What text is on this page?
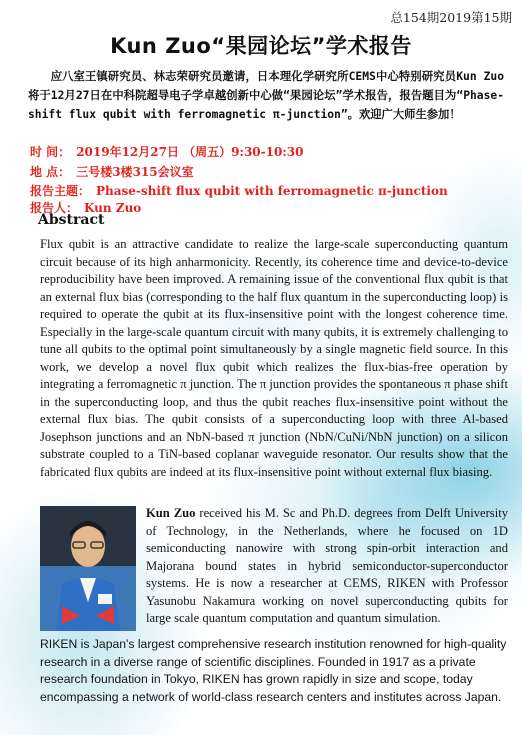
总154期2019第15期
Kun Zuo“果园论坛”学术报告
应八室王镇研究员、林志荣研究员邀请，日本理化学研究所CEMS中心特别研究员Kun Zuo将于12月27日在中科院超导电子学卓越创新中心做“果园论坛”学术报告，报告题目为“Phase-shift flux qubit with ferromagnetic π-junction”。欢迎广大师生参加！
时 间： 2019年12月27日 （周五）9:30-10:30
地 点： 三号楼3楼315会议室
报告主题： Phase-shift flux qubit with ferromagnetic π-junction
报告人： Kun Zuo
Abstract
Flux qubit is an attractive candidate to realize the large-scale superconducting quantum circuit because of its high anharmonicity. Recently, its coherence time and device-to-device reproducibility have been improved. A remaining issue of the conventional flux qubit is that an external flux bias (corresponding to the half flux quantum in the superconducting loop) is required to operate the qubit at its flux-insensitive point with the longest coherence time. Especially in the large-scale quantum circuit with many qubits, it is extremely challenging to tune all qubits to the optimal point simultaneously by a single magnetic field source. In this work, we develop a novel flux qubit which realizes the flux-bias-free operation by integrating a ferromagnetic π junction. The π junction provides the spontaneous π phase shift in the superconducting loop, and thus the qubit reaches flux-insensitive point without the external flux bias. The qubit consists of a superconducting loop with three Al-based Josephson junctions and an NbN-based π junction (NbN/CuNi/NbN junction) on a silicon substrate coupled to a TiN-based coplanar waveguide resonator. Our results show that the fabricated flux qubits are indeed at its flux-insensitive point without external flux biasing.
Kun Zuo received his M. Sc and Ph.D. degrees from Delft University of Technology, in the Netherlands, where he focused on 1D semiconducting nanowire with strong spin-orbit interaction and Majorana bound states in hybrid semiconductor-superconductor systems. He is now a researcher at CEMS, RIKEN with Professor Yasunobu Nakamura working on novel superconducting qubits for large scale quantum computation and quantum simulation.
RIKEN is Japan's largest comprehensive research institution renowned for high-quality research in a diverse range of scientific disciplines. Founded in 1917 as a private research foundation in Tokyo, RIKEN has grown rapidly in size and scope, today encompassing a network of world-class research centers and institutes across Japan.
